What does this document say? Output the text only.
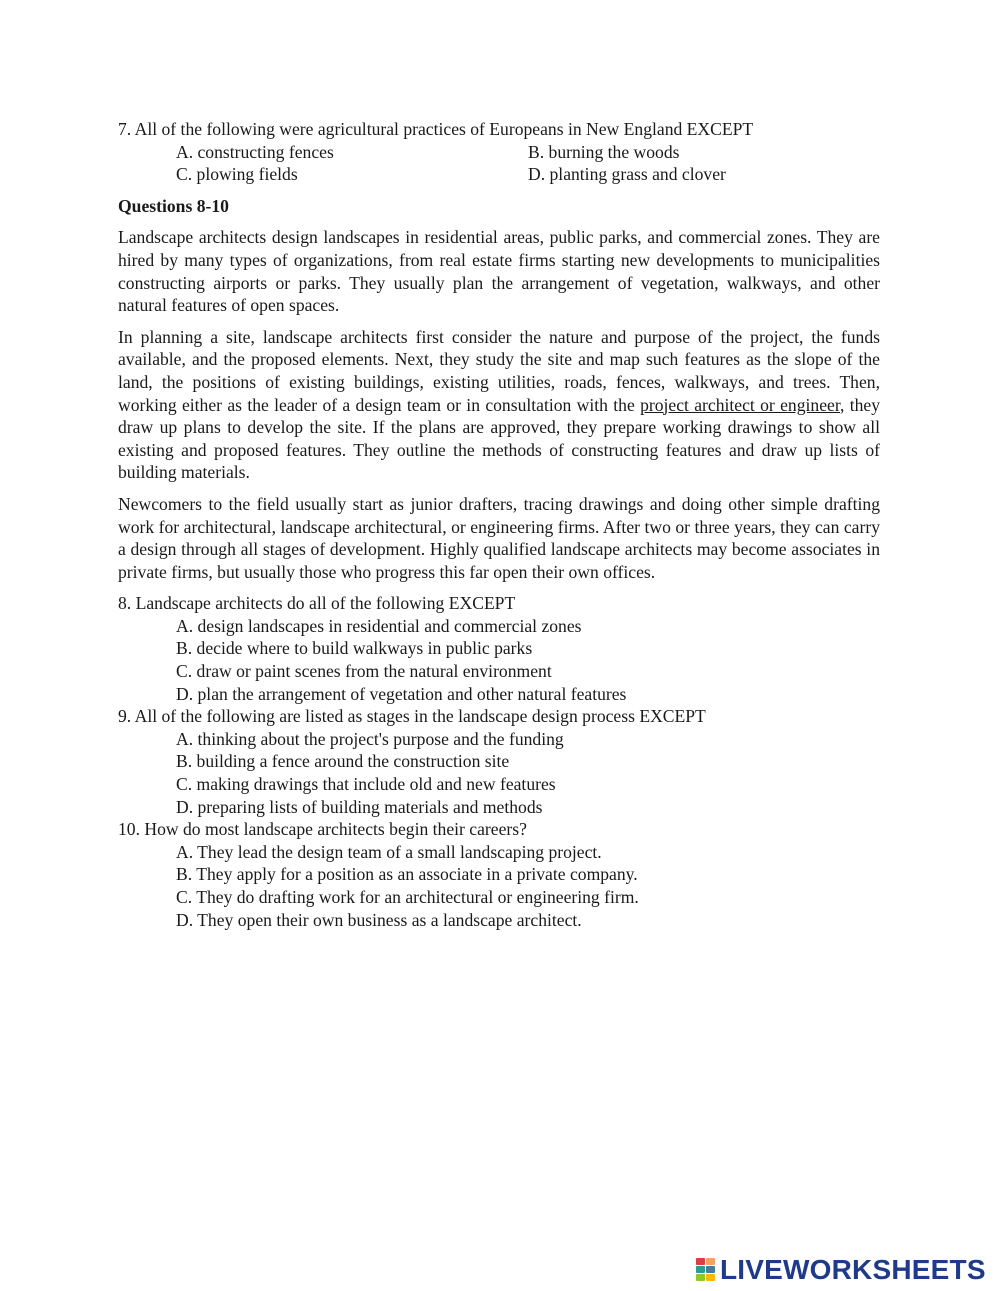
7. All of the following were agricultural practices of Europeans in New England EXCEPT

A. constructing fences	B. burning the woods
C. plowing fields	D. planting grass and clover

Questions 8-10

Landscape architects design landscapes in residential areas, public parks, and commercial zones. They are hired by many types of organizations, from real estate firms starting new developments to municipalities constructing airports or parks. They usually plan the arrangement of vegetation, walkways, and other natural features of open spaces.

In planning a site, landscape architects first consider the nature and purpose of the project, the funds available, and the proposed elements. Next, they study the site and map such features as the slope of the land, the positions of existing buildings, existing utilities, roads, fences, walkways, and trees. Then, working either as the leader of a design team or in consultation with the project architect or engineer, they draw up plans to develop the site. If the plans are approved, they prepare working drawings to show all existing and proposed features. They outline the methods of constructing features and draw up lists of building materials.

Newcomers to the field usually start as junior drafters, tracing drawings and doing other simple drafting work for architectural, landscape architectural, or engineering firms. After two or three years, they can carry a design through all stages of development. Highly qualified landscape architects may become associates in private firms, but usually those who progress this far open their own offices.

8. Landscape architects do all of the following EXCEPT

A. design landscapes in residential and commercial zones

B. decide where to build walkways in public parks

C. draw or paint scenes from the natural environment

D. plan the arrangement of vegetation and other natural features

9. All of the following are listed as stages in the landscape design process EXCEPT

A. thinking about the project's purpose and the funding

B. building a fence around the construction site

C. making drawings that include old and new features

D. preparing lists of building materials and methods

10. How do most landscape architects begin their careers?

A. They lead the design team of a small landscaping project.

B. They apply for a position as an associate in a private company.

C. They do drafting work for an architectural or engineering firm.

D. They open their own business as a landscape architect.

LIVEWORKSHEETS
